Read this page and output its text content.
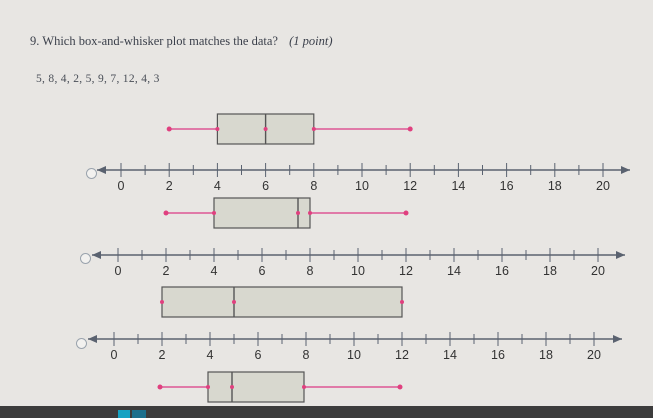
9. Which box-and-whisker plot matches the data? (1 point)
5, 8, 4, 2, 5, 9, 7, 12, 4, 3
0	2	4	6	8	10	12	14	16	18	20
0	2	4	6	8	10	12	14	16	18	20
0	2	4	6	8	10	12	14	16	18	20
